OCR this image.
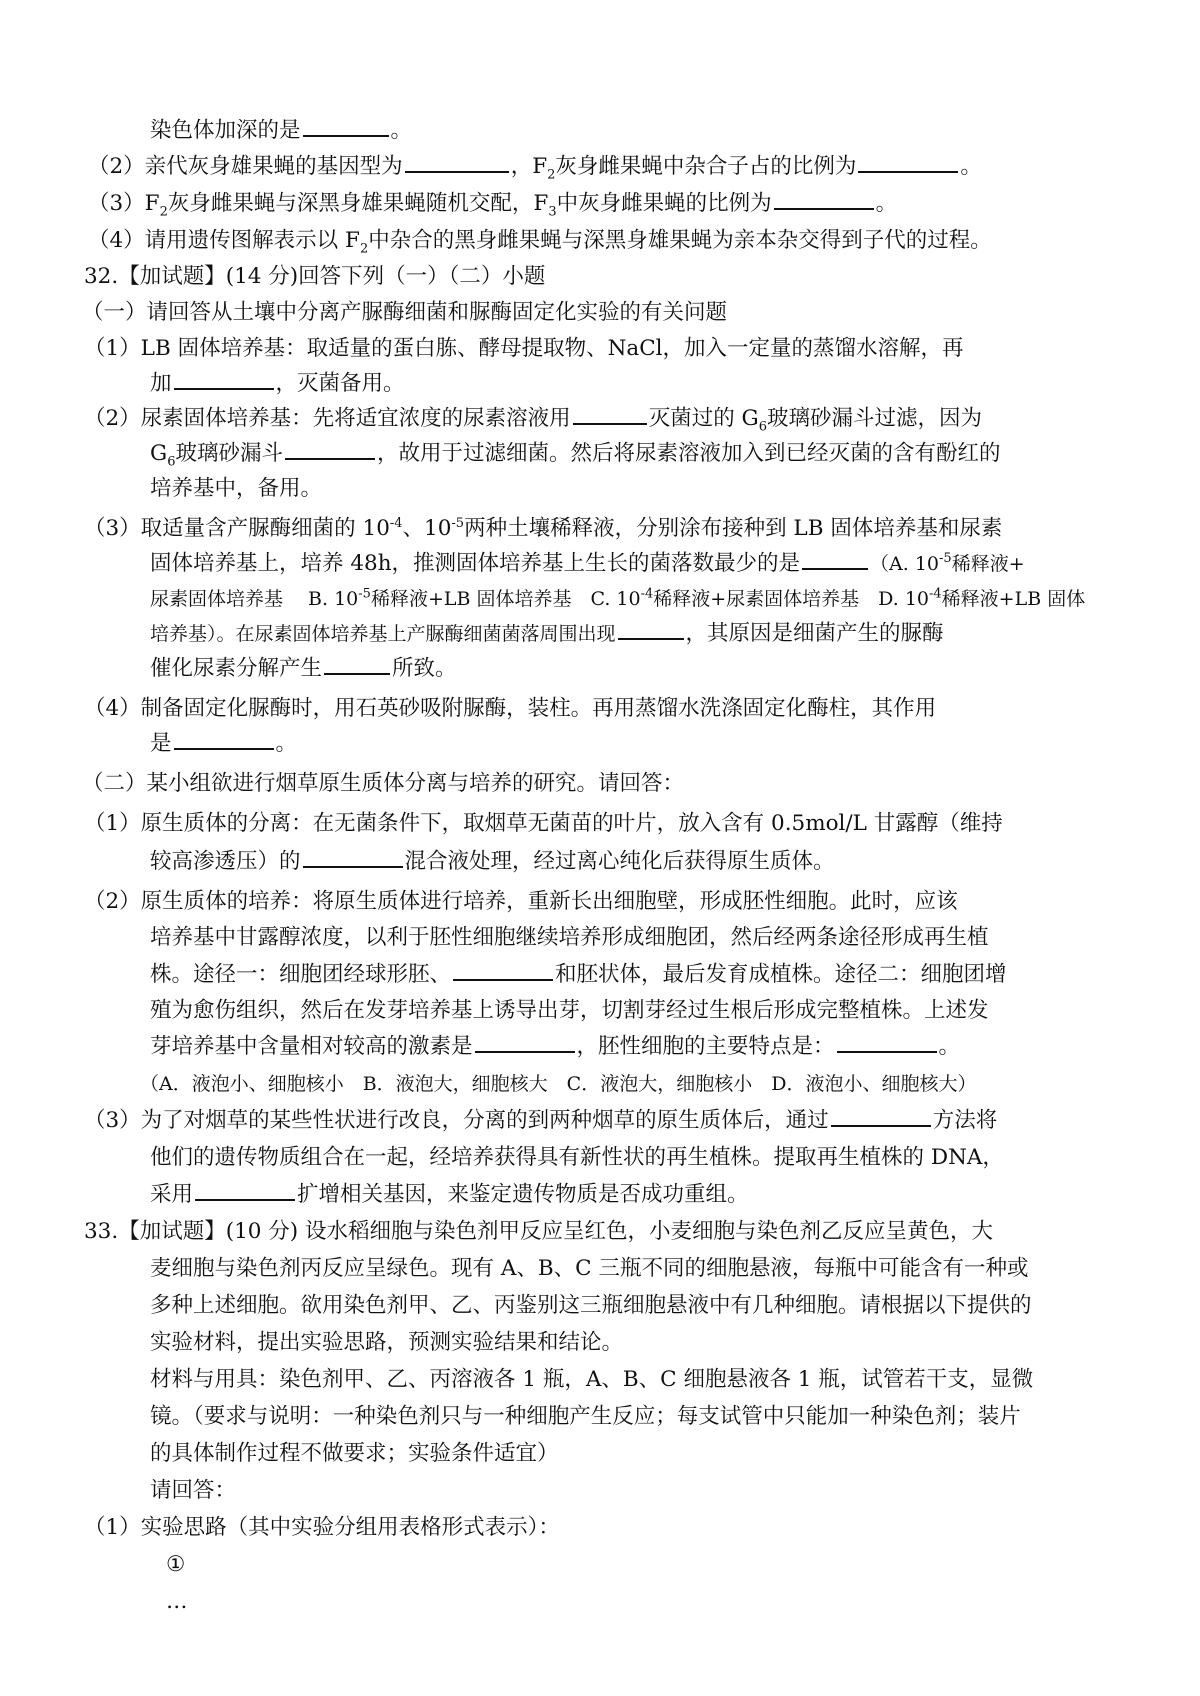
染色体加深的是	。
（2）亲代灰身雄果蝇的基因型为	，$F_2$灰身雌果蝇中杂合子占的比例为	。
$(3)F_2$灰身雌果蝇与深黑身雄果蝇随机交配，$F_3$中灰身雌果蝇的比例为	。
（4）请用遗传图解表示以 $F_2$中杂合的黑身雌果蝇与深黑身雄果蝇为亲本杂交得到子代的过程。
32.【加试题】(14 分)回答下列（一）（二）小题
（一）请回答从土壤中分离产脲酶细菌和脲酶固定化实验的有关问题
（1）LB 固体培养基：取适量的蛋白胨、酵母提取物、NaCl，加入一定量的蒸馏水溶解，再
加	，灭菌备用。
（2）尿素固体培养基：先将适宜浓度的尿素溶液用	灭菌过的 $G_6$玻璃砂漏斗过滤，因为
$G_6$玻璃砂漏斗	，故用于过滤细菌。然后将尿素溶液加入到已经灭菌的含有酚红的
培养基中，备用。
（3）取适量含产脲酶细菌的 $10^{-4}$、$10^{-5}$两种土壤稀释液，分别涂布接种到 LB 固体培养基和尿素
固体培养基上，培养 48h，推测固体培养基上生长的菌落数最少的是	（A. $10^{-5}$稀释液+
尿素固体培养基　 B. $10^{-5}$稀释液+LB 固体培养基　C. $10^{-4}$稀释液+尿素固体培养基　D. $10^{-4}$稀释液+LB 固体
培养基）。在尿素固体培养基上产脲酶细菌菌落周围出现	，其原因是细菌产生的脲酶
催化尿素分解产生	所致。
（4）制备固定化脲酶时，用石英砂吸附脲酶，装柱。再用蒸馏水洗涤固定化酶柱，其作用
是	。
（二）某小组欲进行烟草原生质体分离与培养的研究。请回答：
（1）原生质体的分离：在无菌条件下，取烟草无菌苗的叶片，放入含有 0.5mol/L 甘露醇（维持
较高渗透压）的	混合液处理，经过离心纯化后获得原生质体。
（2）原生质体的培养：将原生质体进行培养，重新长出细胞壁，形成胚性细胞。此时，应该
培养基中甘露醇浓度，以利于胚性细胞继续培养形成细胞团，然后经两条途径形成再生植
株。途径一：细胞团经球形胚、	和胚状体，最后发育成植株。途径二：细胞团增
殖为愈伤组织，然后在发芽培养基上诱导出芽，切割芽经过生根后形成完整植株。上述发
芽培养基中含量相对较高的激素是	，胚性细胞的主要特点是：	。
（A．液泡小、细胞核小　B．液泡大，细胞核大　C．液泡大，细胞核小　D．液泡小、细胞核大）
（3）为了对烟草的某些性状进行改良，分离的到两种烟草的原生质体后，通过	方法将
他们的遗传物质组合在一起，经培养获得具有新性状的再生植株。提取再生植株的 DNA，
采用	扩增相关基因，来鉴定遗传物质是否成功重组。
33.【加试题】(10 分) 设水稻细胞与染色剂甲反应呈红色，小麦细胞与染色剂乙反应呈黄色，大
麦细胞与染色剂丙反应呈绿色。现有 A、B、C 三瓶不同的细胞悬液，每瓶中可能含有一种或
多种上述细胞。欲用染色剂甲、乙、丙鉴别这三瓶细胞悬液中有几种细胞。请根据以下提供的
实验材料，提出实验思路，预测实验结果和结论。
材料与用具：染色剂甲、乙、丙溶液各 1 瓶，A、B、C 细胞悬液各 1 瓶，试管若干支，显微
镜。（要求与说明：一种染色剂只与一种细胞产生反应；每支试管中只能加一种染色剂；装片
的具体制作过程不做要求；实验条件适宜）
请回答：
（1）实验思路（其中实验分组用表格形式表示）：
①
…
